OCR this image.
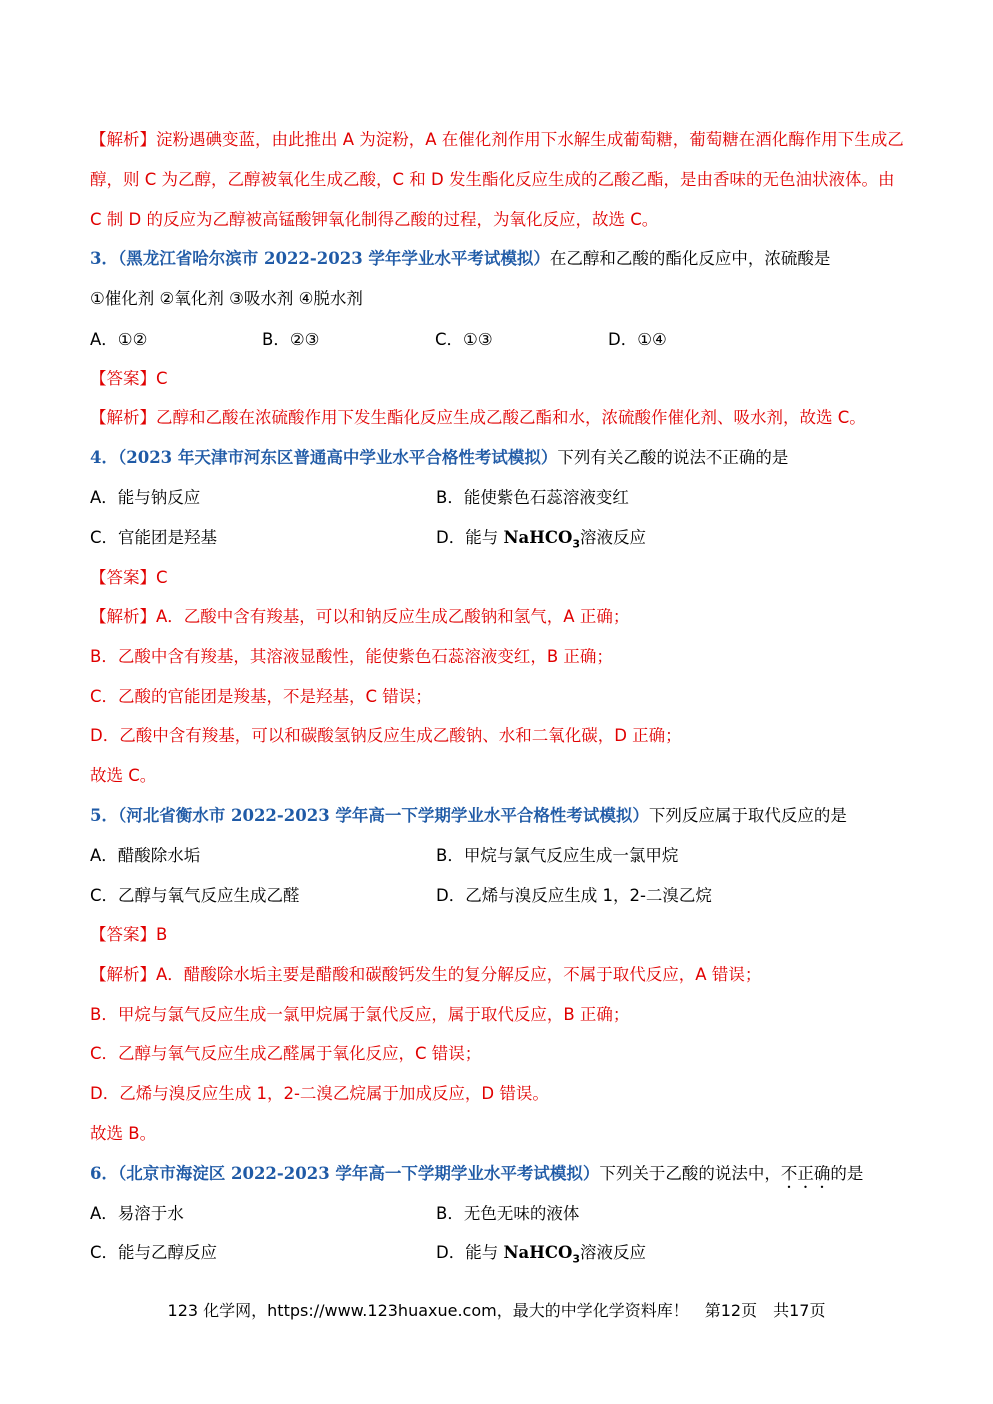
【解析】淀粉遇碘变蓝，由此推出 A 为淀粉，A 在催化剂作用下水解生成葡萄糖，葡萄糖在酒化酶作用下生成乙醇，则 C 为乙醇，乙醇被氧化生成乙酸，C 和 D 发生酯化反应生成的乙酸乙酯，是由香味的无色油状液体。由 C 制 D 的反应为乙醇被高锰酸钾氧化制得乙酸的过程，为氧化反应，故选 C。
3．（黑龙江省哈尔滨市 2022-2023 学年学业水平考试模拟）在乙醇和乙酸的酯化反应中，浓硫酸是
①催化剂 ②氧化剂 ③吸水剂 ④脱水剂
A．①②	B．②③	C．①③	D．①④
【答案】C
【解析】乙醇和乙酸在浓硫酸作用下发生酯化反应生成乙酸乙酯和水，浓硫酸作催化剂、吸水剂，故选 C。
4．（2023 年天津市河东区普通高中学业水平合格性考试模拟）下列有关乙酸的说法不正确的是
A．能与钠反应	B．能使紫色石蕊溶液变红
C．官能团是羟基	D．能与 NaHCO$_3$溶液反应
【答案】C
【解析】A．乙酸中含有羧基，可以和钠反应生成乙酸钠和氢气，A 正确；
B．乙酸中含有羧基，其溶液显酸性，能使紫色石蕊溶液变红，B 正确；
C．乙酸的官能团是羧基，不是羟基，C 错误；
D．乙酸中含有羧基，可以和碳酸氢钠反应生成乙酸钠、水和二氧化碳，D 正确；
故选 C。
5．（河北省衡水市 2022-2023 学年高一下学期学业水平合格性考试模拟）下列反应属于取代反应的是
A．醋酸除水垢	B．甲烷与氯气反应生成一氯甲烷
C．乙醇与氧气反应生成乙醛	D．乙烯与溴反应生成 1，2-二溴乙烷
【答案】B
【解析】A．醋酸除水垢主要是醋酸和碳酸钙发生的复分解反应，不属于取代反应，A 错误；
B．甲烷与氯气反应生成一氯甲烷属于氯代反应，属于取代反应，B 正确；
C．乙醇与氧气反应生成乙醛属于氧化反应，C 错误；
D．乙烯与溴反应生成 1，2-二溴乙烷属于加成反应，D 错误。
故选 B。
6．（北京市海淀区 2022-2023 学年高一下学期学业水平考试模拟）下列关于乙酸的说法中，不正确的是
A．易溶于水	B．无色无味的液体
C．能与乙醇反应	D．能与 NaHCO$_3$溶液反应
123 化学网，https://www.123huaxue.com，最大的中学化学资料库！　第12页　共17页
